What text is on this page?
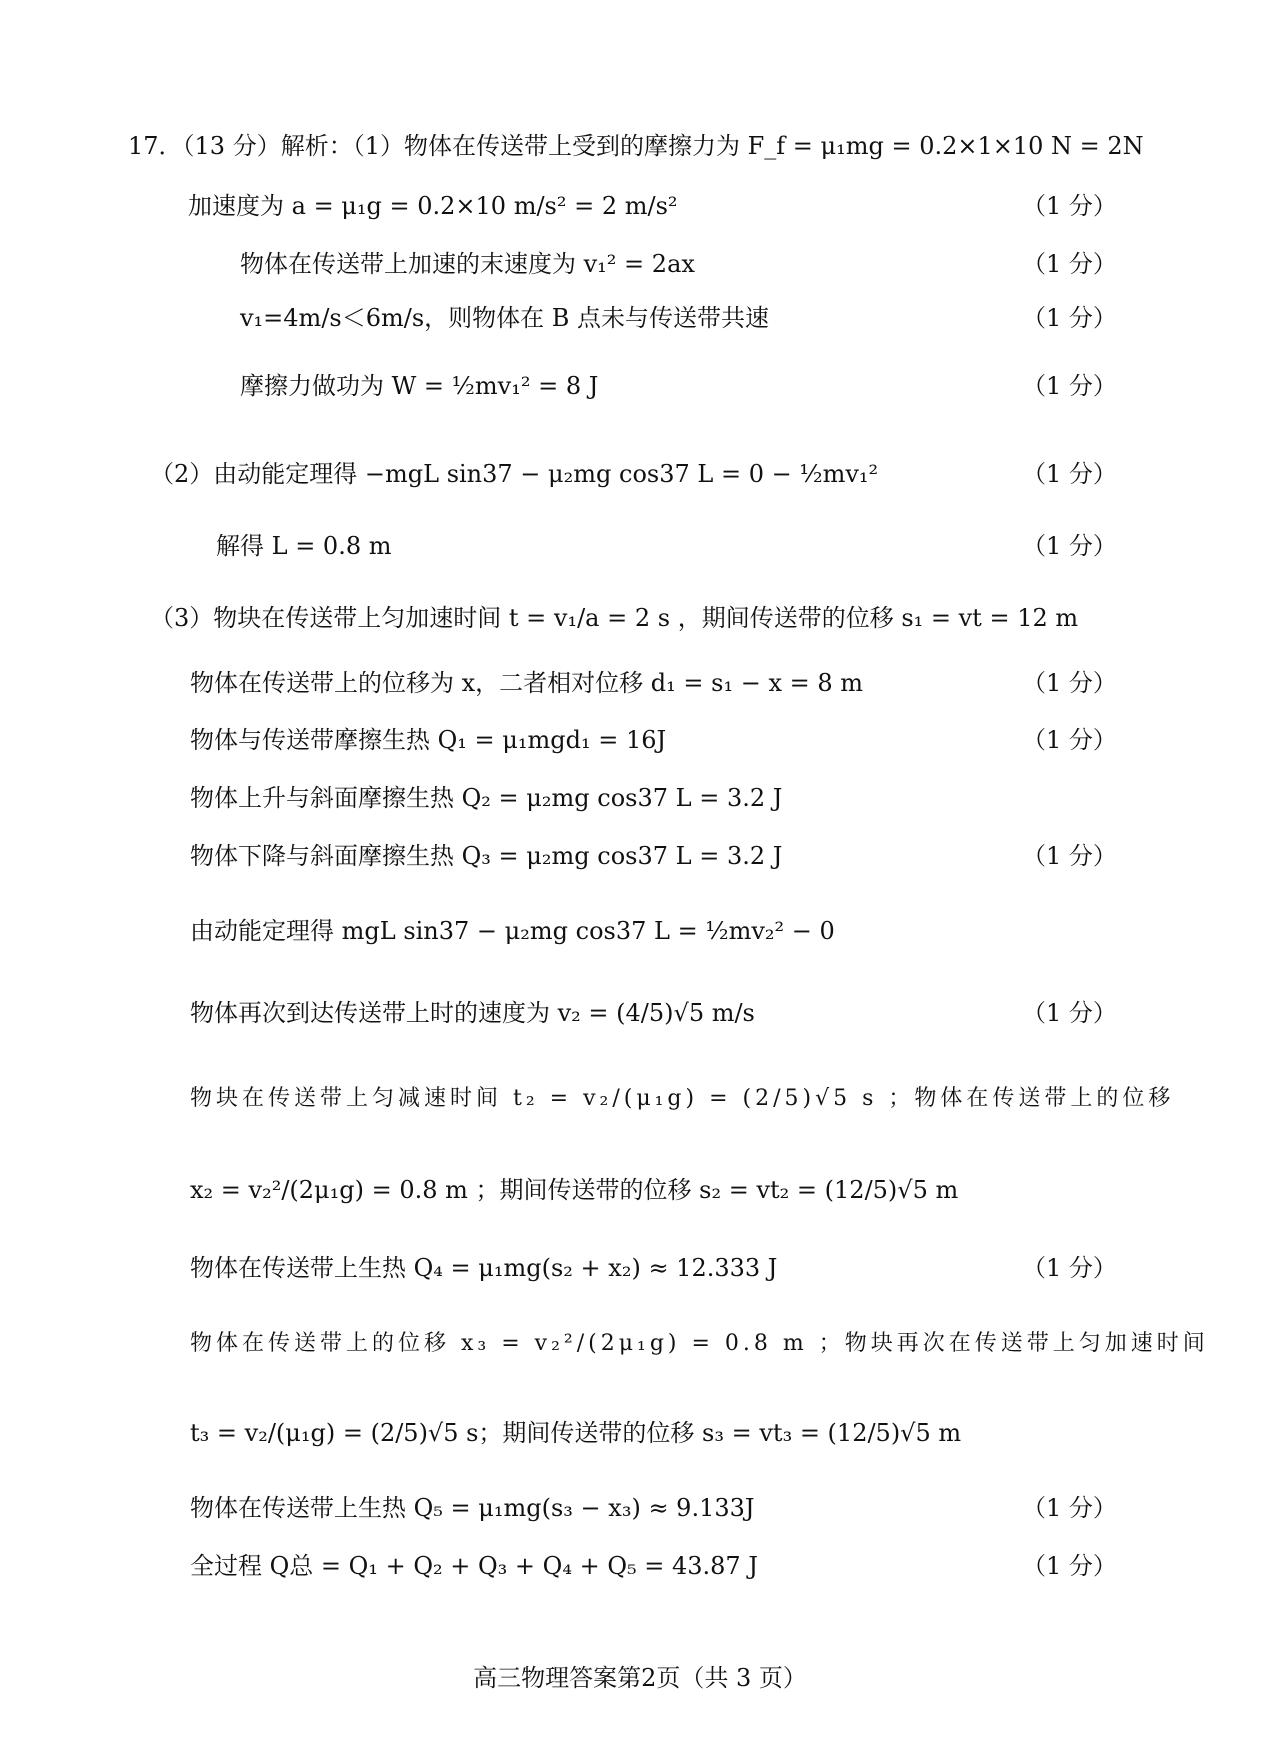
17．（13 分）解析：（1）物体在传送带上受到的摩擦力为 F_f = μ₁mg = 0.2×1×10 N = 2N
加速度为 a = μ₁g = 0.2×10 m/s² = 2 m/s²	（1 分）
物体在传送带上加速的末速度为 v₁² = 2ax	（1 分）
v₁=4m/s＜6m/s，则物体在 B 点未与传送带共速	（1 分）
摩擦力做功为 W = ½mv₁² = 8 J	（1 分）
（2）由动能定理得 −mgL sin37 − μ₂mg cos37 L = 0 − ½mv₁²	（1 分）
解得 L = 0.8 m	（1 分）
（3）物块在传送带上匀加速时间 t = v₁/a = 2 s ，期间传送带的位移 s₁ = vt = 12 m
物体在传送带上的位移为 x，二者相对位移 d₁ = s₁ − x = 8 m	（1 分）
物体与传送带摩擦生热 Q₁ = μ₁mgd₁ = 16J	（1 分）
物体上升与斜面摩擦生热 Q₂ = μ₂mg cos37 L = 3.2 J
物体下降与斜面摩擦生热 Q₃ = μ₂mg cos37 L = 3.2 J	（1 分）
由动能定理得 mgL sin37 − μ₂mg cos37 L = ½mv₂² − 0
物体再次到达传送带上时的速度为 v₂ = (4/5)√5 m/s	（1 分）
物块在传送带上匀减速时间 t₂ = v₂/(μ₁g) = (2/5)√5 s ；物体在传送带上的位移
x₂ = v₂²/(2μ₁g) = 0.8 m ；期间传送带的位移 s₂ = vt₂ = (12/5)√5 m
物体在传送带上生热 Q₄ = μ₁mg(s₂ + x₂) ≈ 12.333 J	（1 分）
物体在传送带上的位移 x₃ = v₂²/(2μ₁g) = 0.8 m ；物块再次在传送带上匀加速时间
t₃ = v₂/(μ₁g) = (2/5)√5 s；期间传送带的位移 s₃ = vt₃ = (12/5)√5 m
物体在传送带上生热 Q₅ = μ₁mg(s₃ − x₃) ≈ 9.133J	（1 分）
全过程 Q总 = Q₁ + Q₂ + Q₃ + Q₄ + Q₅ = 43.87 J	（1 分）
高三物理答案第2页（共 3 页）
